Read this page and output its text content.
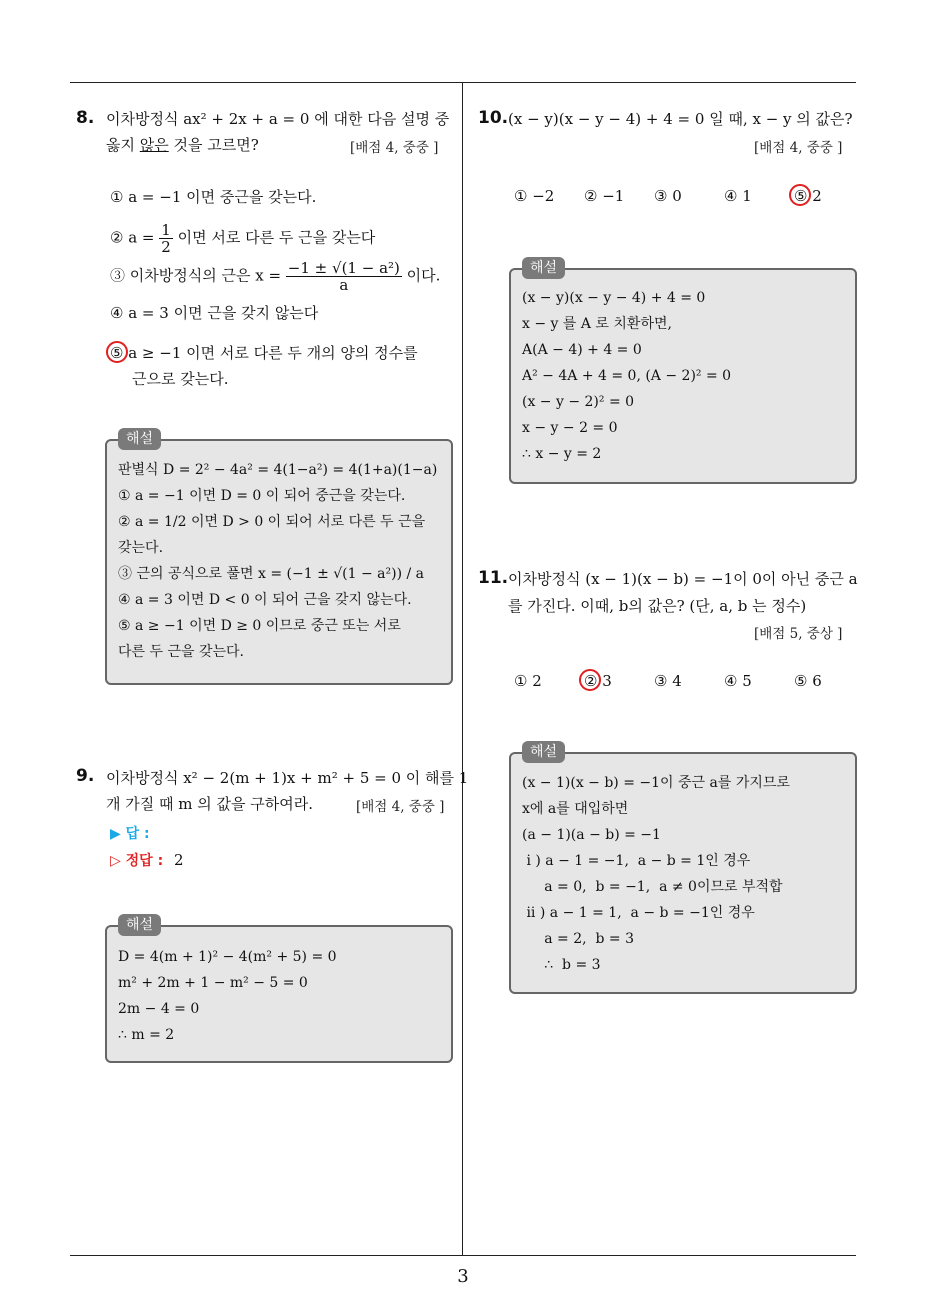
3
8. 이차방정식 ax² + 2x + a = 0 에 대한 다음 설명 중
옳지 않은 것을 고르면?	[배점 4, 중중 ]
① a = −1 이면 중근을 갖는다.
② $a = \frac{1}{2}$ 이면 서로 다른 두 근을 갖는다
③ 이차방정식의 근은 $x = \frac{\text{−1 ± √(1 − a²)}}{a}$ 이다.
④ a = 3 이면 근을 갖지 않는다
⑤ a ≥ −1 이면 서로 다른 두 개의 양의 정수를
근으로 갖는다.
해설
판별식 D = 2² − 4a² = 4(1−a²) = 4(1+a)(1−a)
① a = −1 이면 D = 0 이 되어 중근을 갖는다.
② a = 1/2 이면 D > 0 이 되어 서로 다른 두 근을
갖는다.
③ 근의 공식으로 풀면 x = (−1 ± √(1 − a²)) / a
④ a = 3 이면 D < 0 이 되어 근을 갖지 않는다.
⑤ a ≥ −1 이면 D ≥ 0 이므로 중근 또는 서로
다른 두 근을 갖는다.
9. 이차방정식 x² − 2(m + 1)x + m² + 5 = 0 이 해를 1
개 가질 때 m 의 값을 구하여라.	[배점 4, 중중 ]
▶ 답 :
▷ 정답 : 2
해설
D = 4(m + 1)² − 4(m² + 5) = 0
m² + 2m + 1 − m² − 5 = 0
2m − 4 = 0
∴ m = 2
10. (x − y)(x − y − 4) + 4 = 0 일 때, x − y 의 값은?
[배점 4, 중중 ]
① −2 ② −1 ③ 0	④ 1	⑤ 2
해설
(x − y)(x − y − 4) + 4 = 0
x − y 를 A 로 치환하면,
A(A − 4) + 4 = 0
A² − 4A + 4 = 0, (A − 2)² = 0
(x − y − 2)² = 0
x − y − 2 = 0
∴ x − y = 2
11. 이차방정식 (x − 1)(x − b) = −1이 0이 아닌 중근 a
를 가진다. 이때, b의 값은? (단, a, b 는 정수)
[배점 5, 중상 ]
① 2	② 3	③ 4	④ 5	⑤ 6
해설
(x − 1)(x − b) = −1이 중근 a를 가지므로
x에 a를 대입하면
(a − 1)(a − b) = −1
i ) a − 1 = −1,  a − b = 1인 경우
a = 0,  b = −1,  a ≠ 0이므로 부적합
ii ) a − 1 = 1,  a − b = −1인 경우
a = 2,  b = 3
∴  b = 3
